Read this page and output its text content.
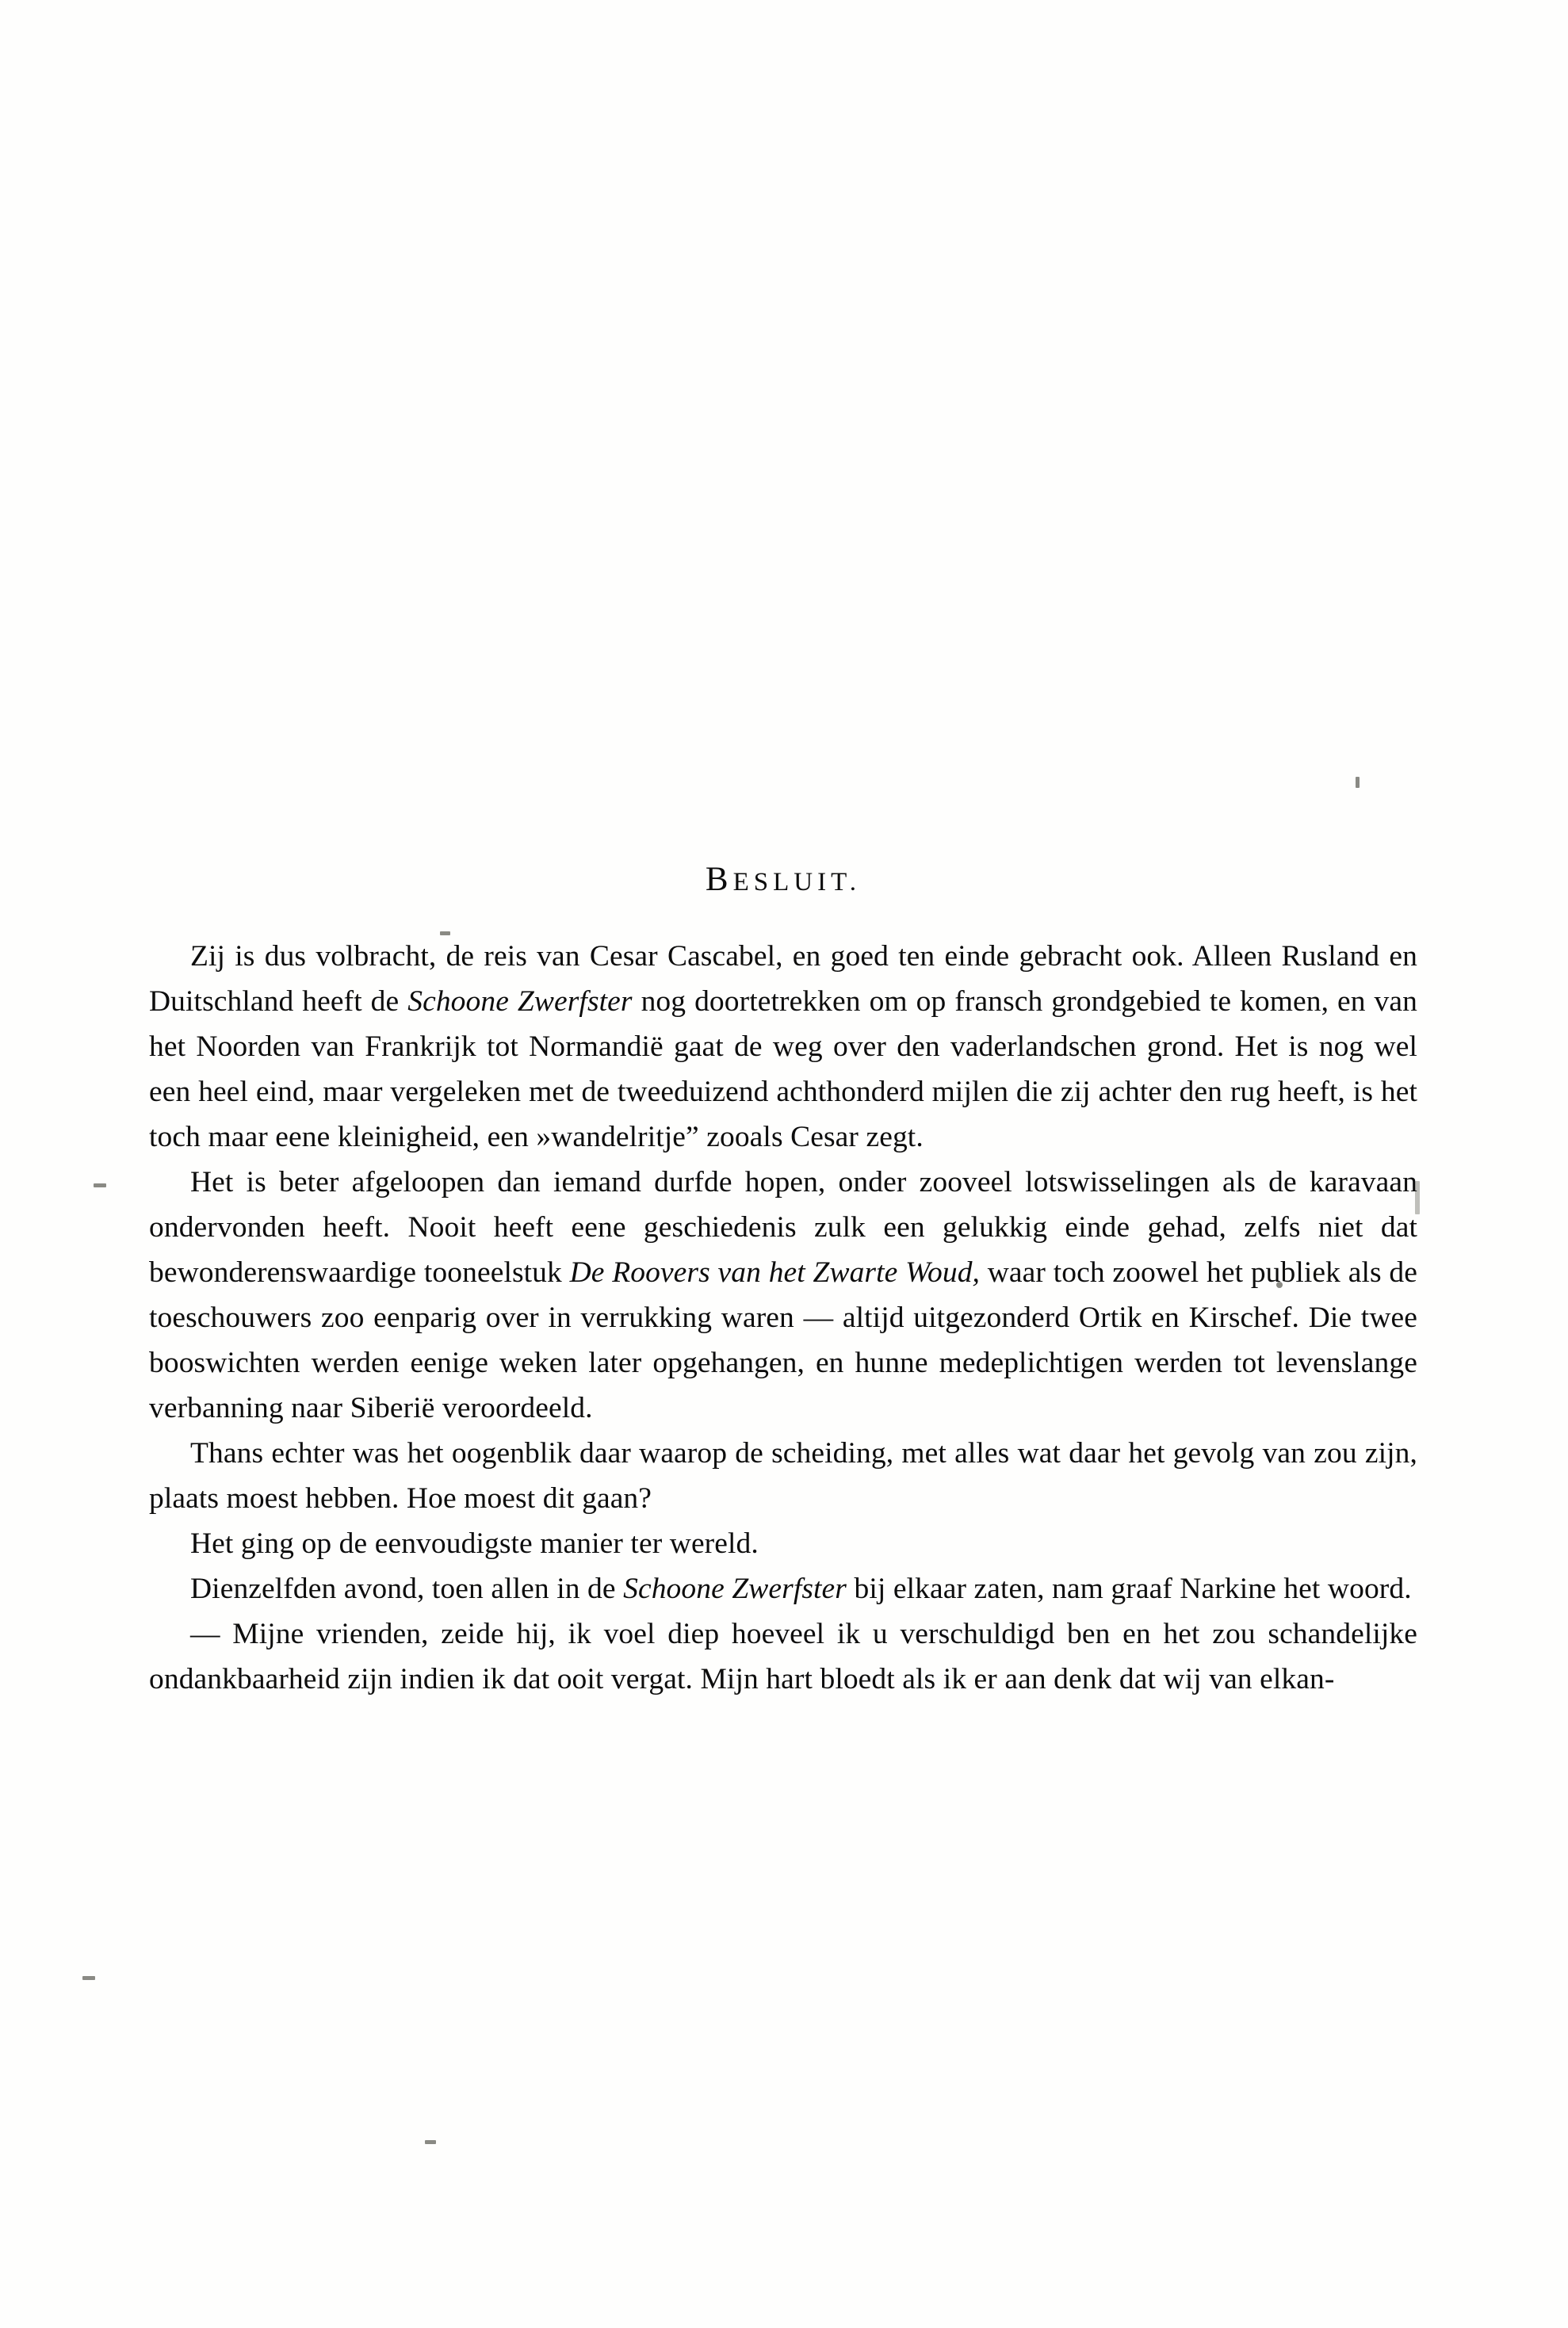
BESLUIT.

Zij is dus volbracht, de reis van Cesar Cascabel, en goed ten einde gebracht ook. Alleen Rusland en Duitschland heeft de Schoone Zwerfster nog doortetrekken om op fransch grondgebied te komen, en van het Noorden van Frankrijk tot Normandië gaat de weg over den vaderlandschen grond. Het is nog wel een heel eind, maar vergeleken met de tweeduizend achthonderd mijlen die zij achter den rug heeft, is het toch maar eene kleinigheid, een »wandelritje” zooals Cesar zegt.

Het is beter afgeloopen dan iemand durfde hopen, onder zooveel lotswisselingen als de karavaan ondervonden heeft. Nooit heeft eene geschiedenis zulk een gelukkig einde gehad, zelfs niet dat bewonderenswaardige tooneelstuk De Roovers van het Zwarte Woud, waar toch zoowel het publiek als de toeschouwers zoo eenparig over in verrukking waren — altijd uitgezonderd Ortik en Kirschef. Die twee booswichten werden eenige weken later opgehangen, en hunne medeplichtigen werden tot levenslange verbanning naar Siberië veroordeeld.

Thans echter was het oogenblik daar waarop de scheiding, met alles wat daar het gevolg van zou zijn, plaats moest hebben. Hoe moest dit gaan?

Het ging op de eenvoudigste manier ter wereld.

Dienzelfden avond, toen allen in de Schoone Zwerfster bij elkaar zaten, nam graaf Narkine het woord.

— Mijne vrienden, zeide hij, ik voel diep hoeveel ik u verschuldigd ben en het zou schandelijke ondankbaarheid zijn indien ik dat ooit vergat. Mijn hart bloedt als ik er aan denk dat wij van elkan-
